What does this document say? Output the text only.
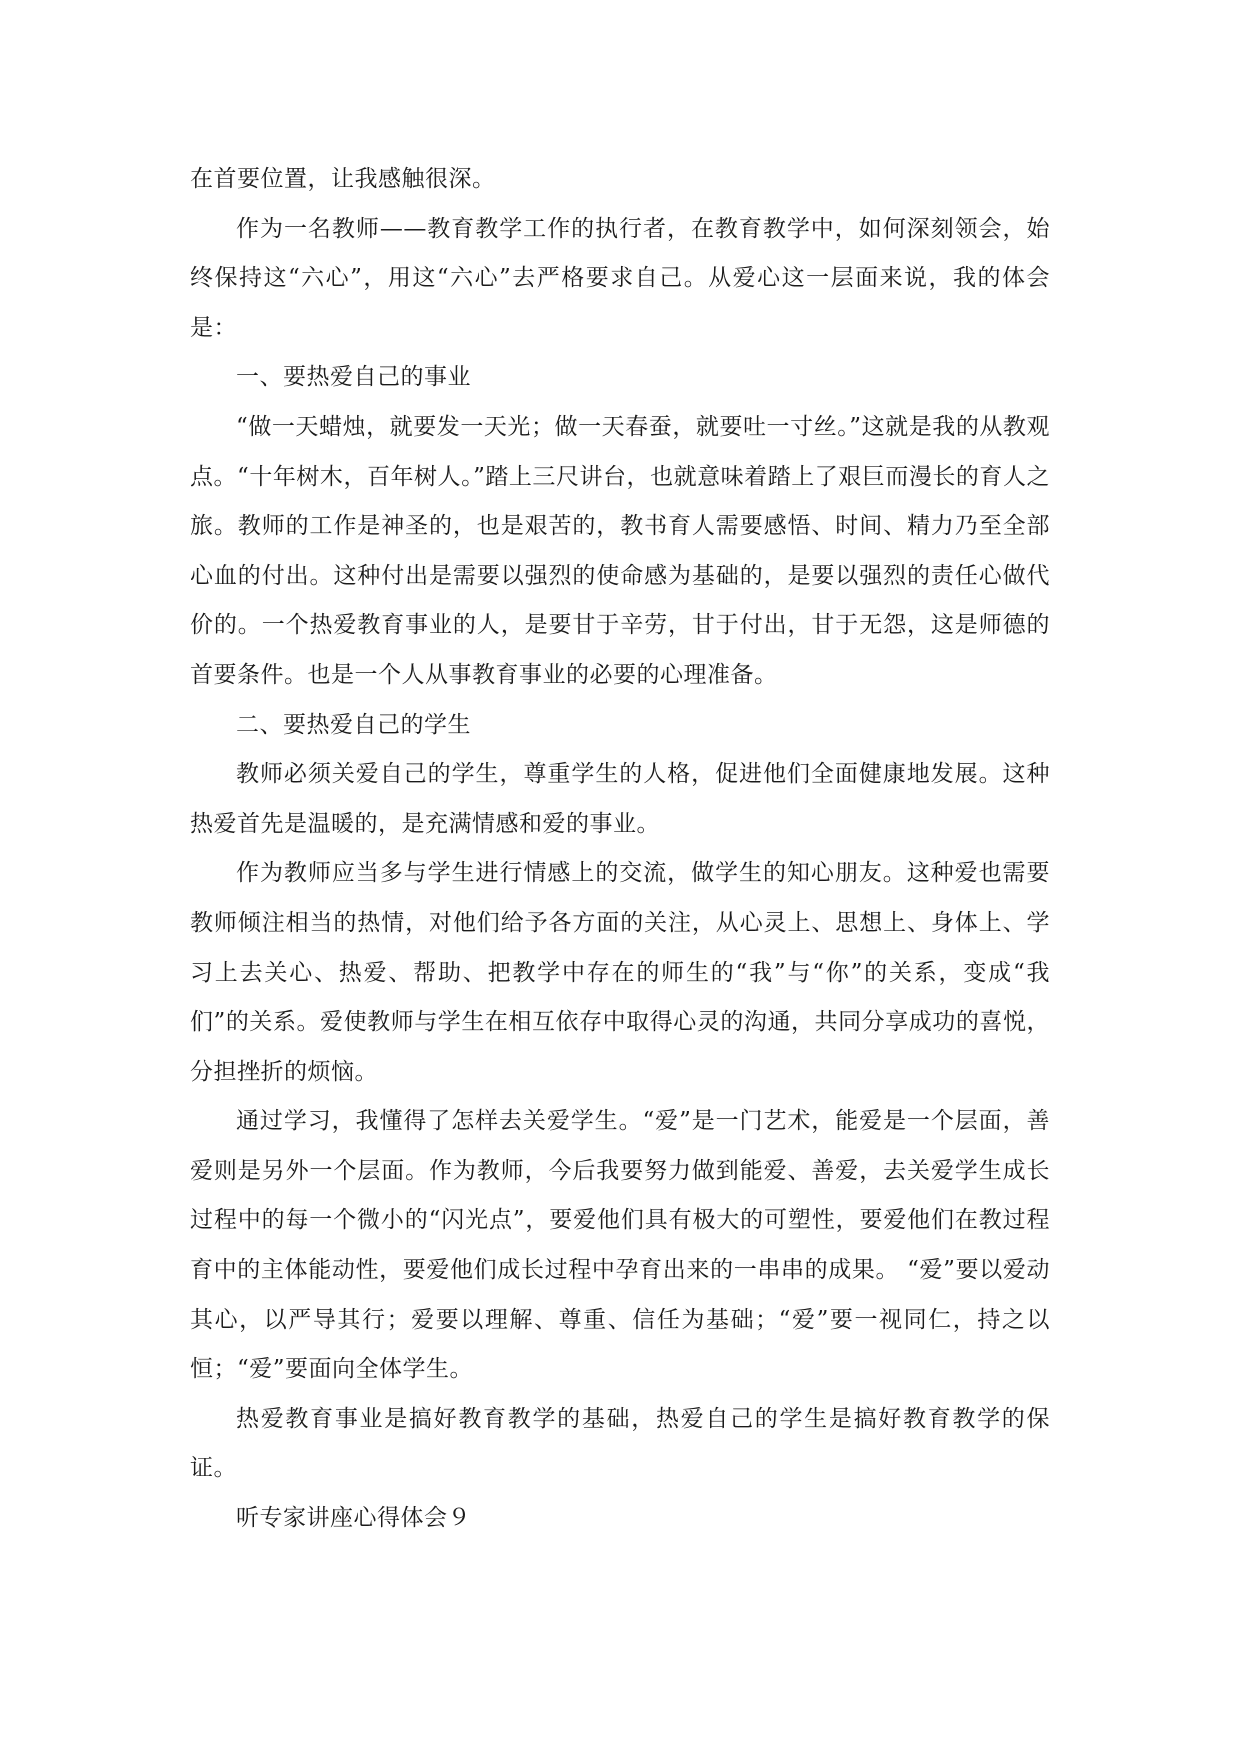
在首要位置，让我感触很深。

作为一名教师——教育教学工作的执行者，在教育教学中，如何深刻领会，始终保持这“六心”，用这“六心”去严格要求自己。从爱心这一层面来说，我的体会是：

一、要热爱自己的事业

“做一天蜡烛，就要发一天光；做一天春蚕，就要吐一寸丝。”这就是我的从教观点。“十年树木，百年树人。”踏上三尺讲台，也就意味着踏上了艰巨而漫长的育人之旅。教师的工作是神圣的，也是艰苦的，教书育人需要感悟、时间、精力乃至全部心血的付出。这种付出是需要以强烈的使命感为基础的，是要以强烈的责任心做代价的。一个热爱教育事业的人，是要甘于辛劳，甘于付出，甘于无怨，这是师德的首要条件。也是一个人从事教育事业的必要的心理准备。

二、要热爱自己的学生

教师必须关爱自己的学生，尊重学生的人格，促进他们全面健康地发展。这种热爱首先是温暖的，是充满情感和爱的事业。

作为教师应当多与学生进行情感上的交流，做学生的知心朋友。这种爱也需要教师倾注相当的热情，对他们给予各方面的关注，从心灵上、思想上、身体上、学习上去关心、热爱、帮助、把教学中存在的师生的“我”与“你”的关系，变成“我们”的关系。爱使教师与学生在相互依存中取得心灵的沟通，共同分享成功的喜悦，分担挫折的烦恼。

通过学习，我懂得了怎样去关爱学生。“爱”是一门艺术，能爱是一个层面，善爱则是另外一个层面。作为教师，今后我要努力做到能爱、善爱，去关爱学生成长过程中的每一个微小的“闪光点”，要爱他们具有极大的可塑性，要爱他们在教过程育中的主体能动性，要爱他们成长过程中孕育出来的一串串的成果。 “爱”要以爱动其心，以严导其行；爱要以理解、尊重、信任为基础；“爱”要一视同仁，持之以恒；“爱”要面向全体学生。

热爱教育事业是搞好教育教学的基础，热爱自己的学生是搞好教育教学的保证。

听专家讲座心得体会９
